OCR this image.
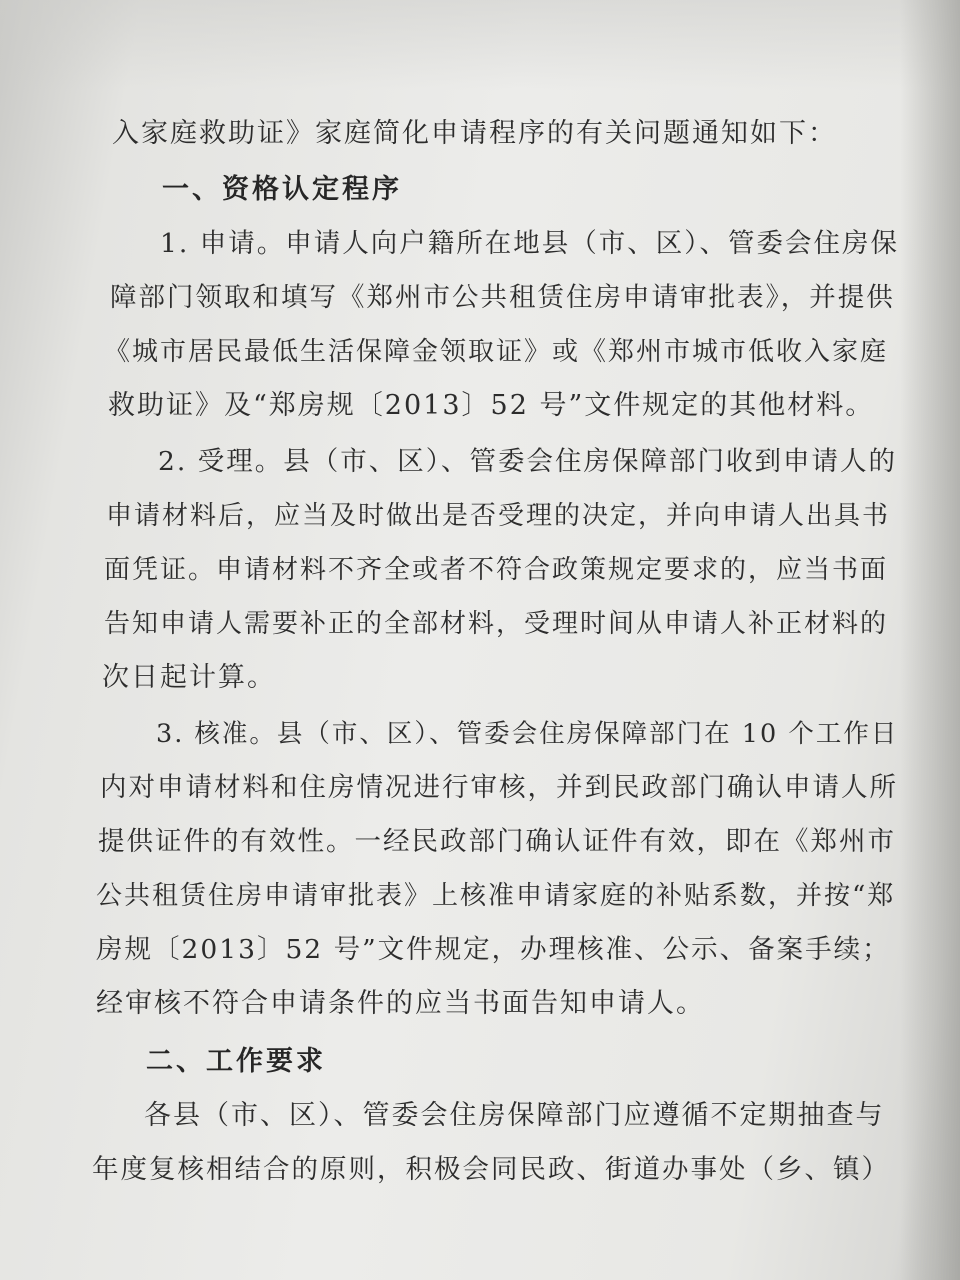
入家庭救助证》家庭简化申请程序的有关问题通知如下：
一、资格认定程序
1. 申请。申请人向户籍所在地县（市、区）、管委会住房保
障部门领取和填写《郑州市公共租赁住房申请审批表》，并提供
《城市居民最低生活保障金领取证》或《郑州市城市低收入家庭
救助证》及“郑房规〔2013〕52 号”文件规定的其他材料。
2. 受理。县（市、区）、管委会住房保障部门收到申请人的
申请材料后，应当及时做出是否受理的决定，并向申请人出具书
面凭证。申请材料不齐全或者不符合政策规定要求的，应当书面
告知申请人需要补正的全部材料，受理时间从申请人补正材料的
次日起计算。
3. 核准。县（市、区）、管委会住房保障部门在 10 个工作日
内对申请材料和住房情况进行审核，并到民政部门确认申请人所
提供证件的有效性。一经民政部门确认证件有效，即在《郑州市
公共租赁住房申请审批表》上核准申请家庭的补贴系数，并按“郑
房规〔2013〕52 号”文件规定，办理核准、公示、备案手续；
经审核不符合申请条件的应当书面告知申请人。
二、工作要求
各县（市、区）、管委会住房保障部门应遵循不定期抽查与
年度复核相结合的原则，积极会同民政、街道办事处（乡、镇）
